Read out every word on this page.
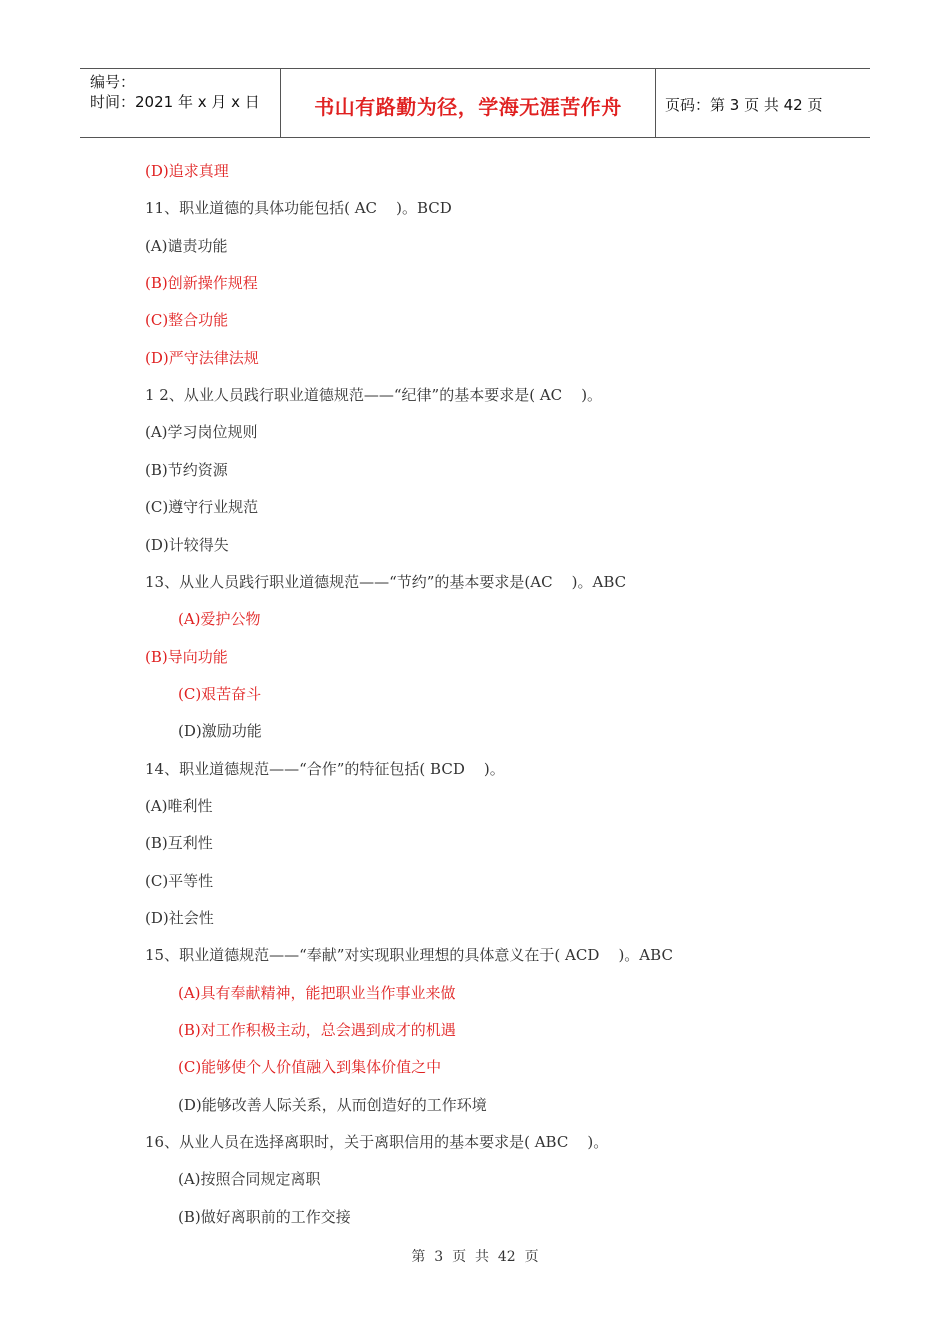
编号：
时间：2021 年 x 月 x 日	书山有路勤为径，学海无涯苦作舟	页码：第 3 页 共 42 页
(D)追求真理
11、职业道德的具体功能包括( AC    )。BCD
(A)谴责功能
(B)创新操作规程
(C)整合功能
(D)严守法律法规
1 2、从业人员践行职业道德规范——“纪律”的基本要求是( AC    )。
(A)学习岗位规则
(B)节约资源
(C)遵守行业规范
(D)计较得失
13、从业人员践行职业道德规范——“节约”的基本要求是(AC    )。ABC
(A)爱护公物
(B)导向功能
(C)艰苦奋斗
(D)激励功能
14、职业道德规范——“合作”的特征包括( BCD    )。
(A)唯利性
(B)互利性
(C)平等性
(D)社会性
15、职业道德规范——“奉献”对实现职业理想的具体意义在于( ACD    )。ABC
(A)具有奉献精神，能把职业当作事业来做
(B)对工作积极主动，总会遇到成才的机遇
(C)能够使个人价值融入到集体价值之中
(D)能够改善人际关系，从而创造好的工作环境
16、从业人员在选择离职时，关于离职信用的基本要求是( ABC    )。
(A)按照合同规定离职
(B)做好离职前的工作交接
第  3  页  共  42  页
